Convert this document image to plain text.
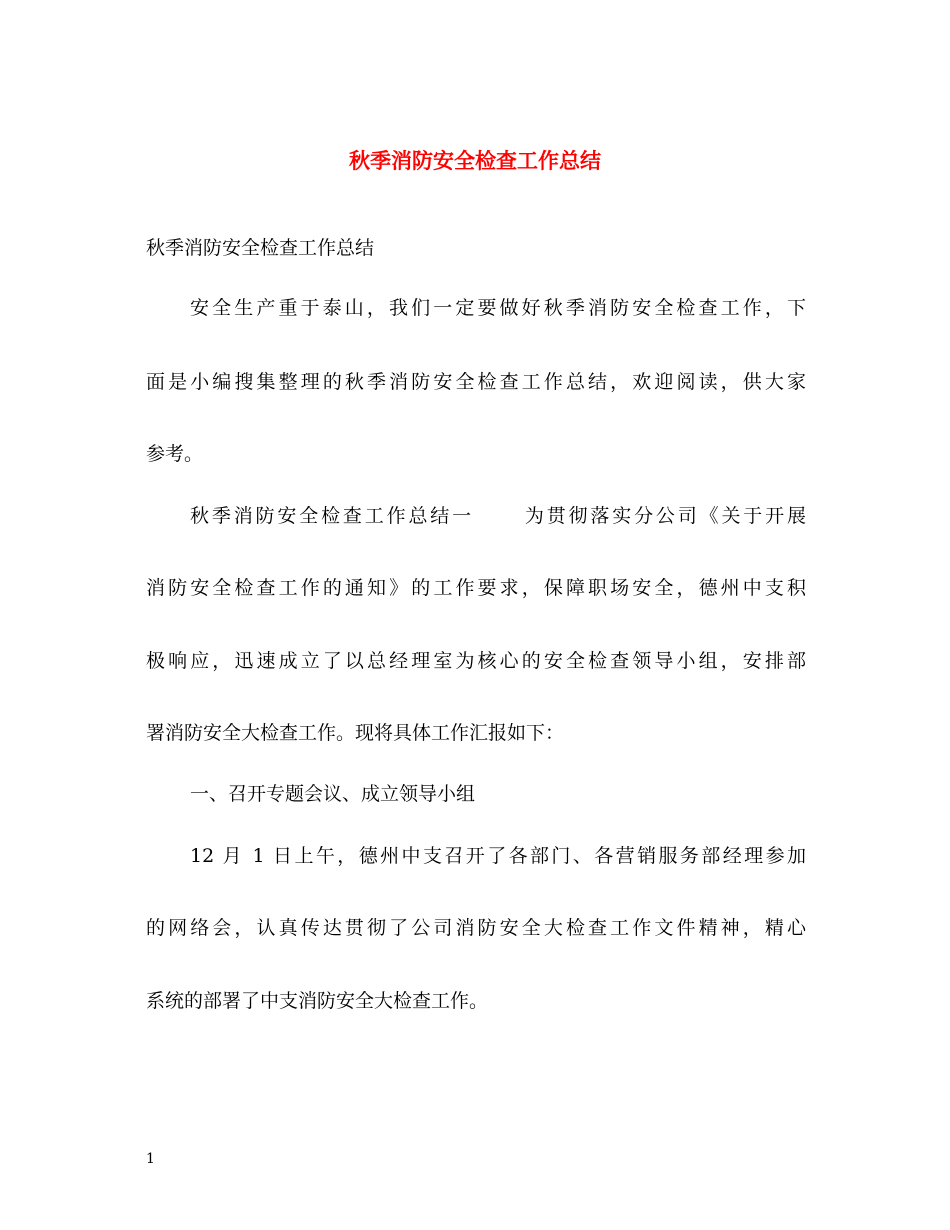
秋季消防安全检查工作总结
秋季消防安全检查工作总结
安全生产重于泰山，我们一定要做好秋季消防安全检查工作，下
面是小编搜集整理的秋季消防安全检查工作总结，欢迎阅读，供大家
参考。
秋季消防安全检查工作总结一	为贯彻落实分公司《关于开展
消防安全检查工作的通知》的工作要求，保障职场安全，德州中支积
极响应，迅速成立了以总经理室为核心的安全检查领导小组，安排部
署消防安全大检查工作。现将具体工作汇报如下：
一、召开专题会议、成立领导小组
12 月 1 日上午，德州中支召开了各部门、各营销服务部经理参加
的网络会，认真传达贯彻了公司消防安全大检查工作文件精神，精心
系统的部署了中支消防安全大检查工作。
1
